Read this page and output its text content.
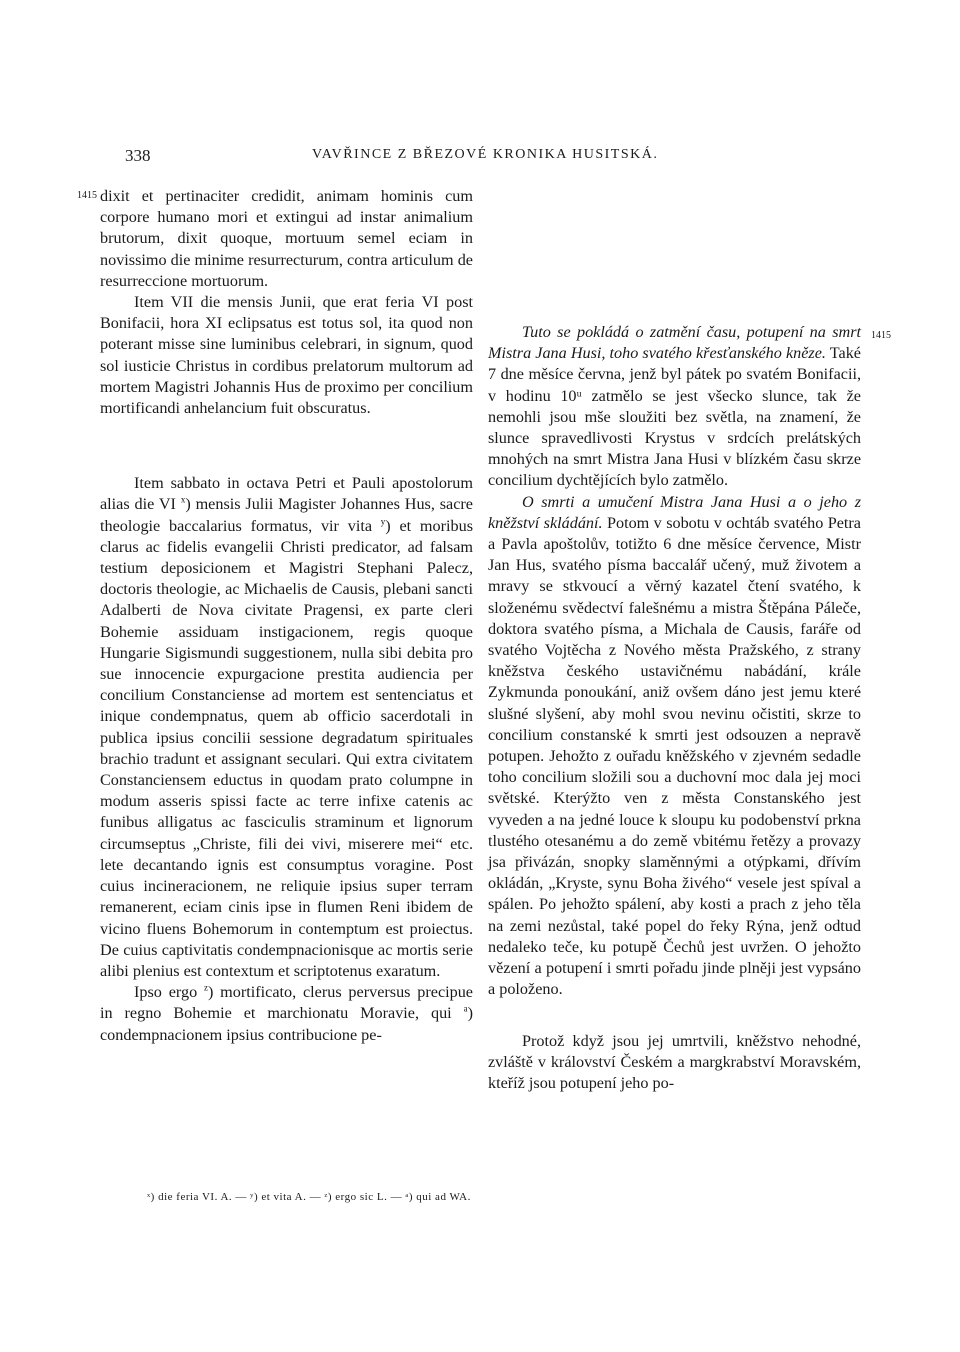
338	VAVŘINCE Z BŘEZOVÉ KRONIKA HUSITSKÁ.
1415
1415

dixit et pertinaciter credidit, animam hominis cum corpore humano mori et extingui ad instar animalium brutorum, dixit quoque, mortuum semel eciam in novissimo die minime resurrecturum, contra articulum de resurreccione mortuorum.

Item VII die mensis Junii, que erat feria VI post Bonifacii, hora XI eclipsatus est totus sol, ita quod non poterant misse sine luminibus celebrari, in signum, quod sol iusticie Christus in cordibus prelatorum multorum ad mortem Magistri Johannis Hus de proximo per concilium mortificandi anhelancium fuit obscuratus.

Item sabbato in octava Petri et Pauli apostolorum alias die VI $^x$) mensis Julii Magister Johannes Hus, sacre theologie baccalarius formatus, vir vita $^y$) et moribus clarus ac fidelis evangelii Christi predicator, ad falsam testium deposicionem et Magistri Stephani Palecz, doctoris theologie, ac Michaelis de Causis, plebani sancti Adalberti de Nova civitate Pragensi, ex parte cleri Bohemie assiduam instigacionem, regis quoque Hungarie Sigismundi suggestionem, nulla sibi debita pro sue innocencie expurgacione prestita audiencia per concilium Constanciense ad mortem est sentenciatus et inique condempnatus, quem ab officio sacerdotali in publica ipsius concilii sessione degradatum spirituales brachio tradunt et assignant seculari. Qui extra civitatem Constanciensem eductus in quodam prato columpne in modum asseris spissi facte ac terre infixe catenis ac funibus alligatus ac fasciculis straminum et lignorum circumseptus „Christe, fili dei vivi, miserere mei“ etc. lete decantando ignis est consumptus voragine. Post cuius incineracionem, ne reliquie ipsius super terram remanerent, eciam cinis ipse in flumen Reni ibidem de vicino fluens Bohemorum in contemptum est proiectus. De cuius captivitatis condempnacionisque ac mortis serie alibi plenius est contextum et scriptotenus exaratum.

Ipso ergo $^z$) mortificato, clerus perversus precipue in regno Bohemie et marchionatu Moravie, qui $^a$) condempnacionem ipsius contribucione pe-

Tuto se pokládá o zatmění času, potupení na smrt Mistra Jana Husi, toho svatého křesťanského kněze. Také 7 dne měsíce června, jenž byl pátek po svatém Bonifacii, v hodinu 10ᵘ zatmělo se jest všecko slunce, tak že nemohli jsou mše sloužiti bez světla, na znamení, že slunce spravedlivosti Krystus v srdcích prelátských mnohých na smrt Mistra Jana Husi v blízkém času skrze concilium dychtějících bylo zatmělo.

O smrti a umučení Mistra Jana Husi a o jeho z kněžství skládání. Potom v sobotu v ochtáb svatého Petra a Pavla apoštolův, totižto 6 dne měsíce července, Mistr Jan Hus, svatého písma baccalář učený, muž životem a mravy se stkvoucí a věrný kazatel čtení svatého, k složenému svědectví falešnému a mistra Štěpána Páleče, doktora svatého písma, a Michala de Causis, faráře od svatého Vojtěcha z Nového města Pražského, z strany kněžstva českého ustavičnému nabádání, krále Zykmunda ponoukání, aniž ovšem dáno jest jemu které slušné slyšení, aby mohl svou nevinu očistiti, skrze to concilium constanské k smrti jest odsouzen a nepravě potupen. Jehožto z ouřadu kněžského v zjevném sedadle toho concilium složili sou a duchovní moc dala jej moci světské. Kterýžto ven z města Constanského jest vyveden a na jedné louce k sloupu ku podobenství prkna tlustého otesanému a do země vbitému řetězy a provazy jsa přivázán, snopky slaměnnými a otýpkami, dřívím okládán, „Kryste, synu Boha živého“ vesele jest spíval a spálen. Po jehožto spálení, aby kosti a prach z jeho těla na zemi nezůstal, také popel do řeky Rýna, jenž odtud nedaleko teče, ku potupě Čechů jest uvržen. O jehožto vězení a potupení i smrti pořadu jinde plněji jest vypsáno a položeno.

Protož když jsou jej umrtvili, kněžstvo nehodné, zvláště v království Českém a margkrabství Moravském, kteříž jsou potupení jeho po-

ˣ) die feria VI. A. — ʸ) et vita A. — ᶻ) ergo sic L. — ᵃ) qui ad WA.
